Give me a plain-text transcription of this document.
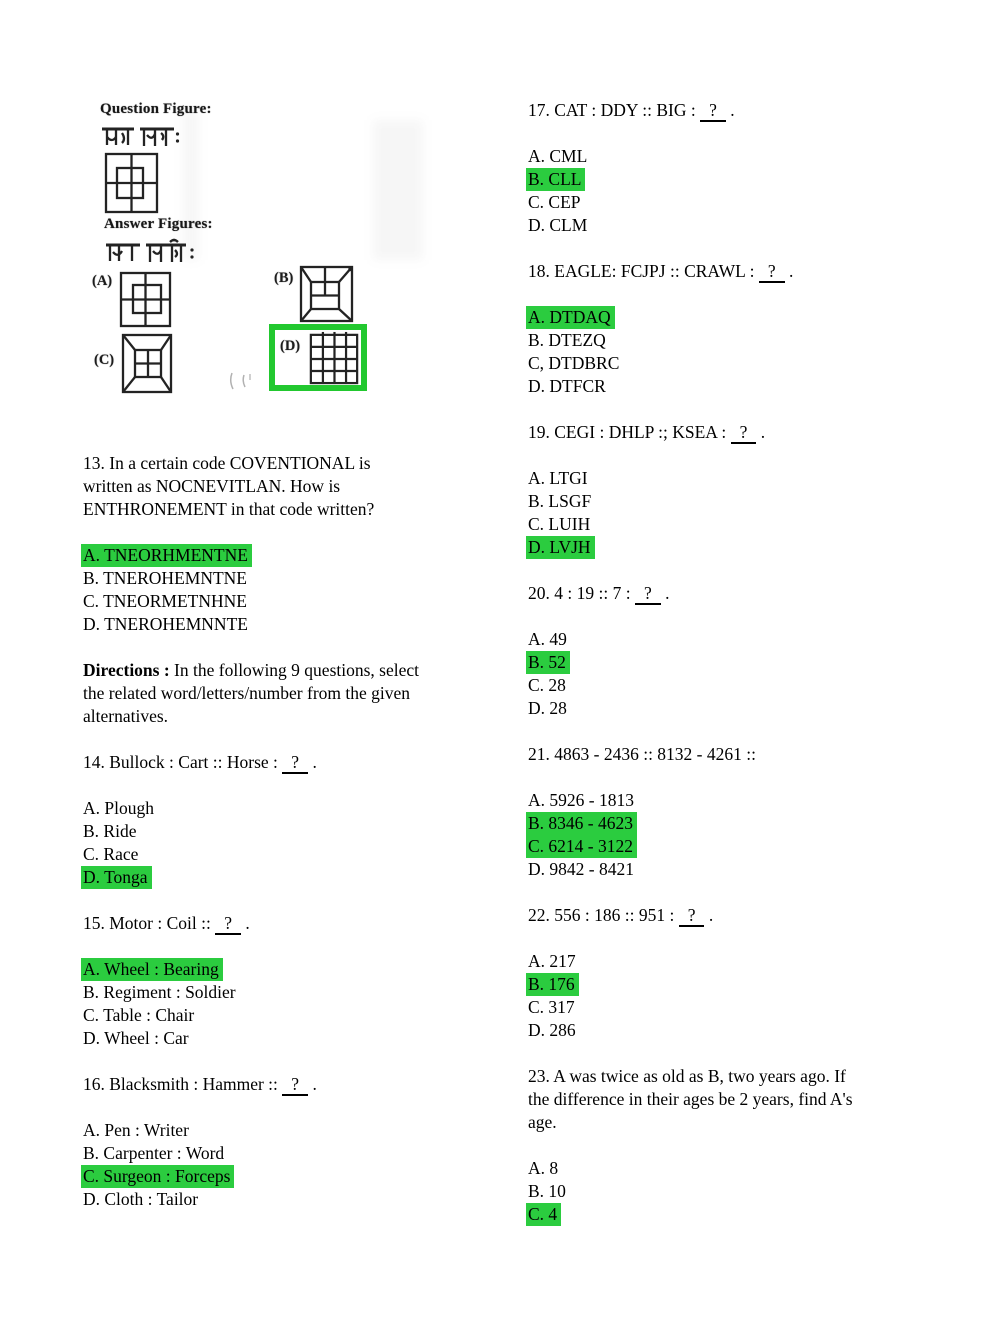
Question Figure:
Answer Figures:
(A)	(B)
(C)
(D)
13. In a certain code COVENTIONAL is
written as NOCNEVITLAN. How is
ENTHRONEMENT in that code written?
A. TNEORHMENTNE
B. TNEROHEMNTNE
C. TNEORMETNHNE
D. TNEROHEMNNTE
Directions : In the following 9 questions, select
the related word/letters/number from the given
alternatives.
14. Bullock : Cart :: Horse : ? .
A. Plough
B. Ride
C. Race
D. Tonga
15. Motor : Coil :: ? .
A. Wheel : Bearing
B. Regiment : Soldier
C. Table : Chair
D. Wheel : Car
16. Blacksmith : Hammer :: ? .
A. Pen : Writer
B. Carpenter : Word
C. Surgeon : Forceps
D. Cloth : Tailor
17. CAT : DDY :: BIG : ? .
A. CML
B. CLL
C. CEP
D. CLM
18. EAGLE: FCJPJ :: CRAWL : ? .
A. DTDAQ
B. DTEZQ
C, DTDBRC
D. DTFCR
19. CEGI : DHLP :; KSEA : ? .
A. LTGI
B. LSGF
C. LUIH
D. LVJH
20. 4 : 19 :: 7 : ? .
A. 49
B. 52
C. 28
D. 28
21. 4863 - 2436 :: 8132 - 4261 ::
A. 5926 - 1813
B. 8346 - 4623
C. 6214 - 3122
D. 9842 - 8421
22. 556 : 186 :: 951 : ? .
A. 217
B. 176
C. 317
D. 286
23. A was twice as old as B, two years ago. If
the difference in their ages be 2 years, find A's
age.
A. 8
B. 10
C. 4
